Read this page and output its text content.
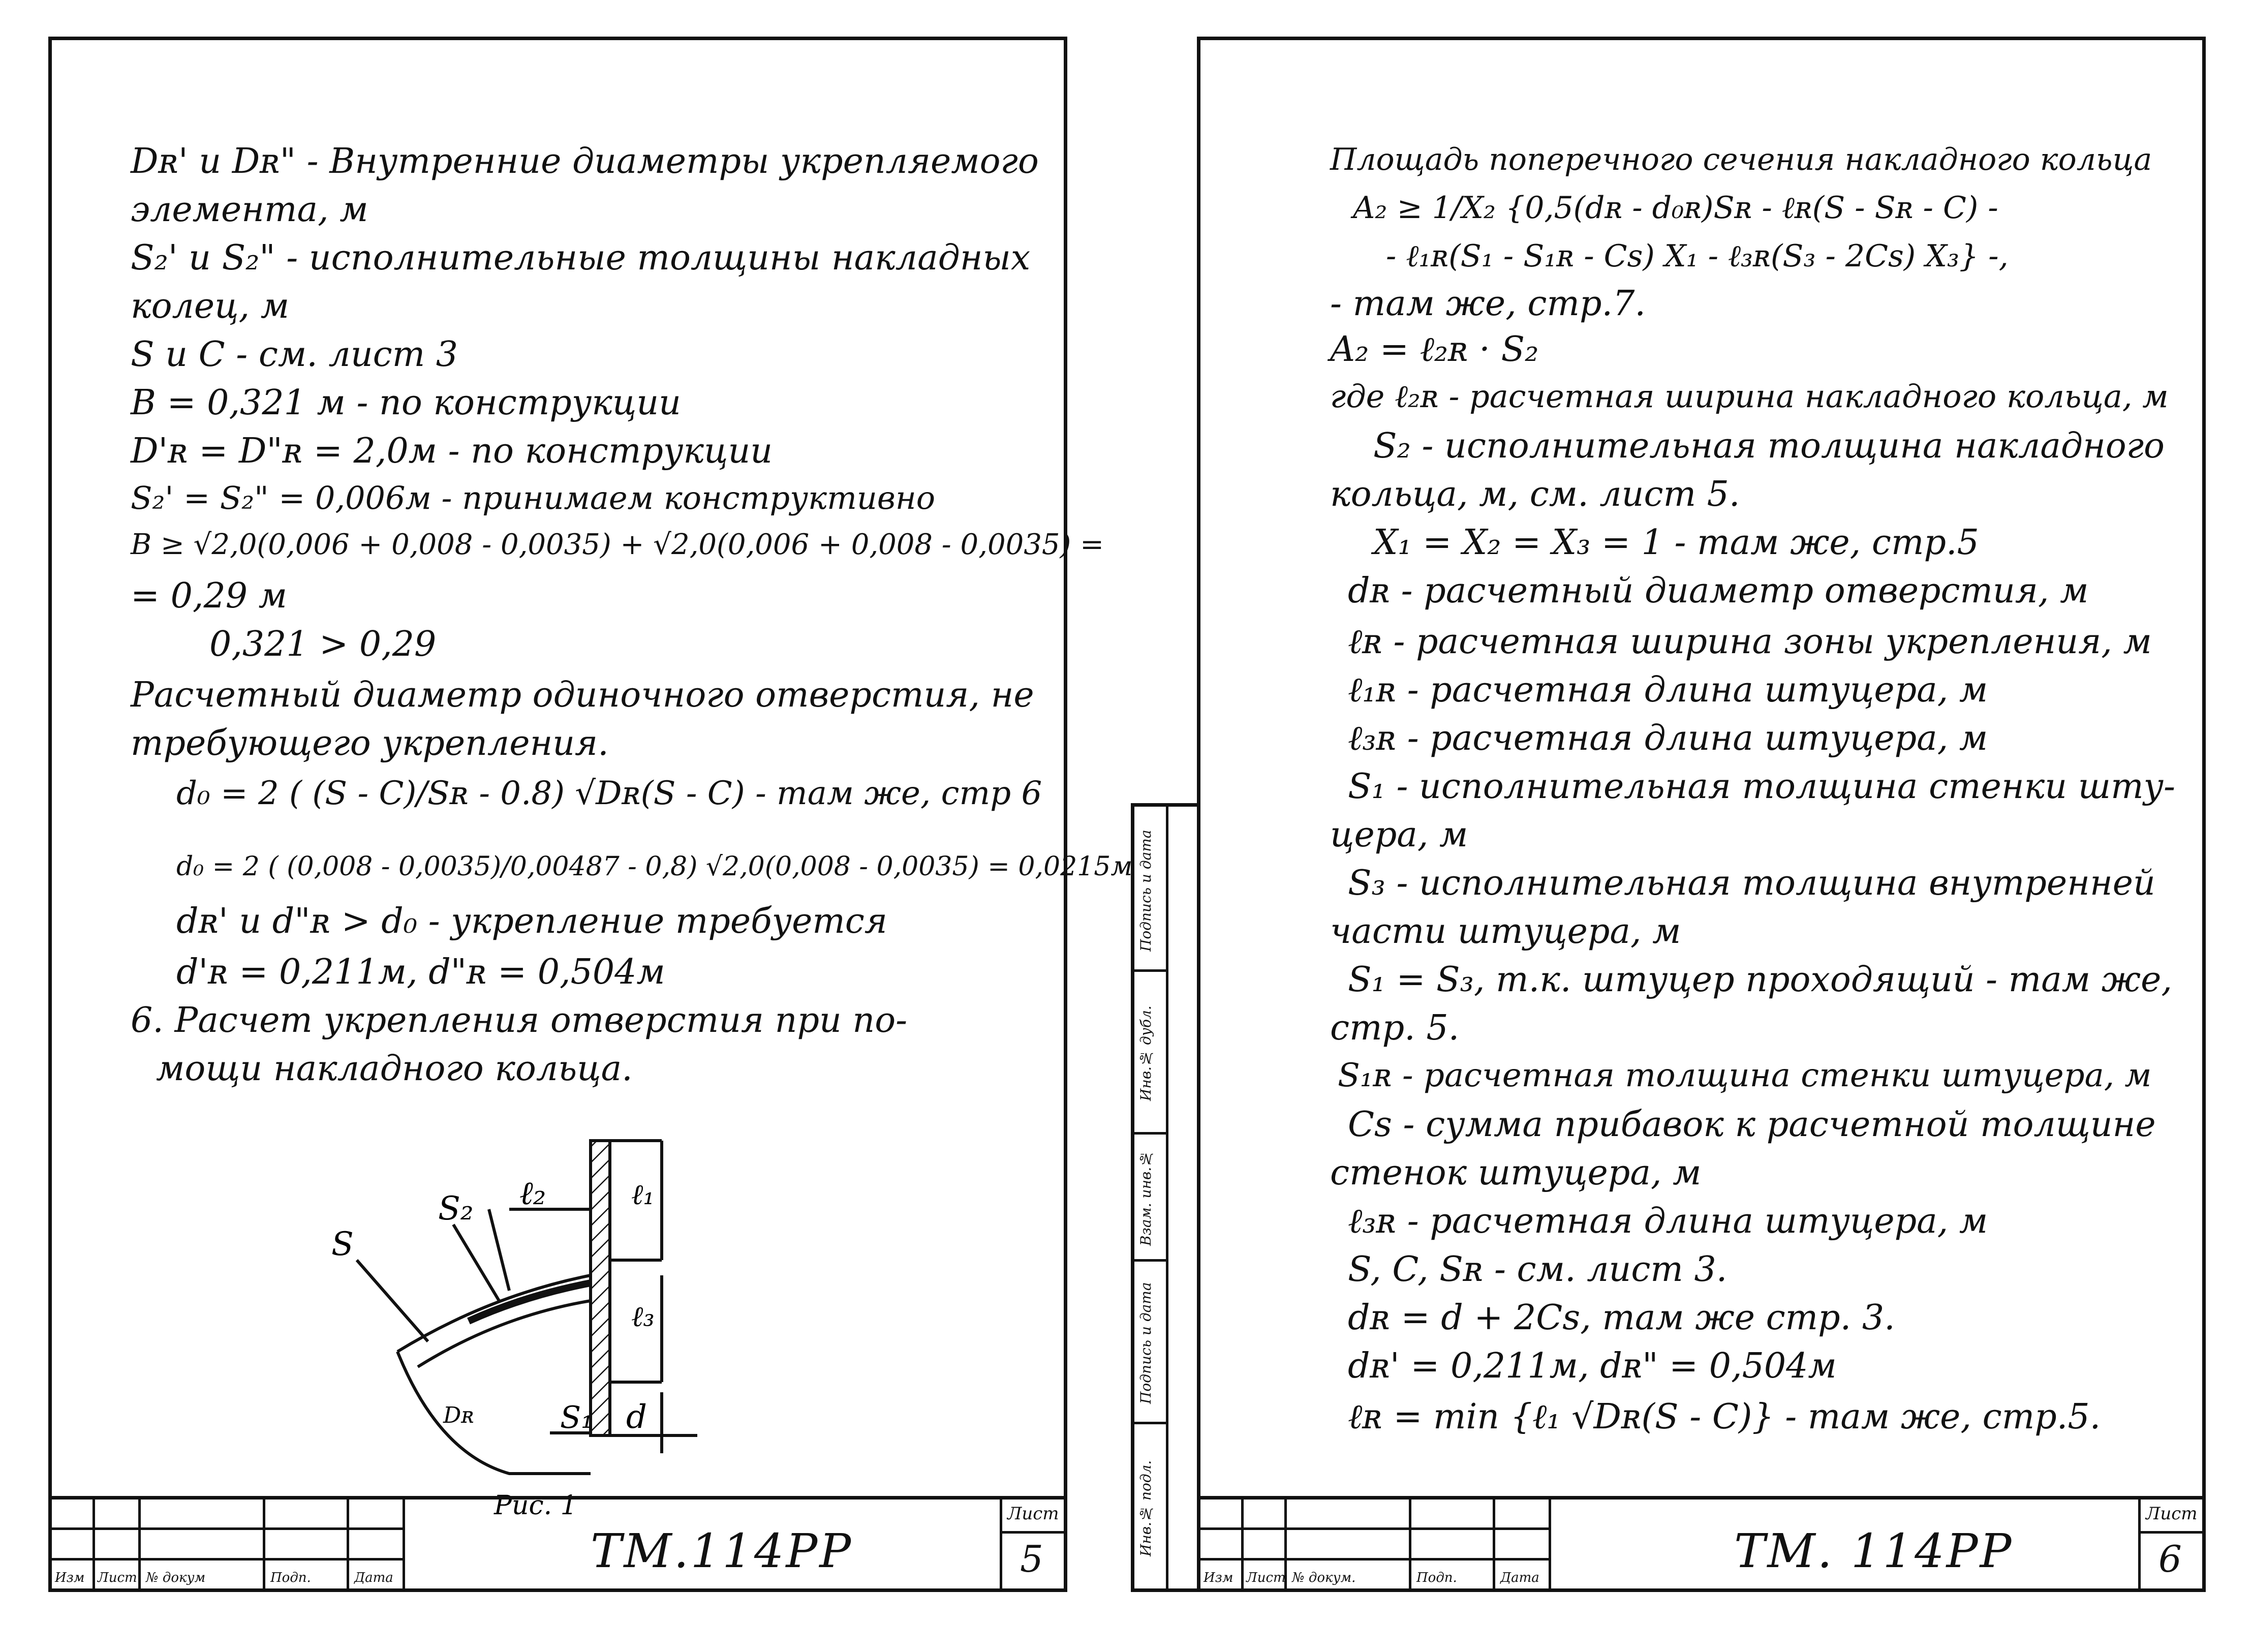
Dʀ' и Dʀ" - Внутренние диаметры укрепляемого
элемента, м
S₂' и S₂" - исполнительные толщины накладных
колец, м
S и C - см. лист 3
B = 0,321 м - по конструкции
D'ʀ = D"ʀ = 2,0м - по конструкции
S₂' = S₂" = 0,006м - принимаем конструктивно
B ≥ √2,0(0,006 + 0,008 - 0,0035) + √2,0(0,006 + 0,008 - 0,0035) =
= 0,29 м
0,321 > 0,29
Расчетный диаметр одиночного отверстия, не
требующего укрепления.
d₀ = 2 ( (S - C)/Sʀ - 0.8) √Dʀ(S - C) - там же, стр 6
d₀ = 2 ( (0,008 - 0,0035)/0,00487 - 0,8) √2,0(0,008 - 0,0035) = 0,0215м
dʀ' и d"ʀ > d₀ - укрепление требуется
d'ʀ = 0,211м, d"ʀ = 0,504м
6. Расчет укрепления отверстия при по-
мощи накладного кольца.
S
S₂ ℓ₂	ℓ₁
ℓ₃
Dʀ	S₁ d
Рис. 1
Изм Лист № докум	Подп.	Дата	ТМ.114РР
Лист
5
Подпись и дата
Инв.№ дубл.
Взам. инв.№
Подпись и дата
Инв.№ подл.
Площадь поперечного сечения накладного кольца
A₂ ≥ 1/X₂ {0,5(dʀ - d₀ʀ)Sʀ - ℓʀ(S - Sʀ - C) -
- ℓ₁ʀ(S₁ - S₁ʀ - Cs) X₁ - ℓ₃ʀ(S₃ - 2Cs) X₃} -,
- там же, стр.7.
A₂ = ℓ₂ʀ · S₂
где ℓ₂ʀ - расчетная ширина накладного кольца, м
S₂ - исполнительная толщина накладного
кольца, м, см. лист 5.
X₁ = X₂ = X₃ = 1 - там же, стр.5
dʀ - расчетный диаметр отверстия, м
ℓʀ - расчетная ширина зоны укрепления, м
ℓ₁ʀ - расчетная длина штуцера, м
ℓ₃ʀ - расчетная длина штуцера, м
S₁ - исполнительная толщина стенки шту-
цера, м
S₃ - исполнительная толщина внутренней
части штуцера, м
S₁ = S₃, т.к. штуцер проходящий - там же,
стр. 5.
S₁ʀ - расчетная толщина стенки штуцера, м
Cs - сумма прибавок к расчетной толщине
стенок штуцера, м
ℓ₃ʀ - расчетная длина штуцера, м
S, C, Sʀ - см. лист 3.
dʀ = d + 2Cs, там же стр. 3.
dʀ' = 0,211м, dʀ" = 0,504м
ℓʀ = min {ℓ₁ √Dʀ(S - C)} - там же, стр.5.
Изм Лист № докум.	Подп.	Дата	ТМ. 114РР
Лист
6
